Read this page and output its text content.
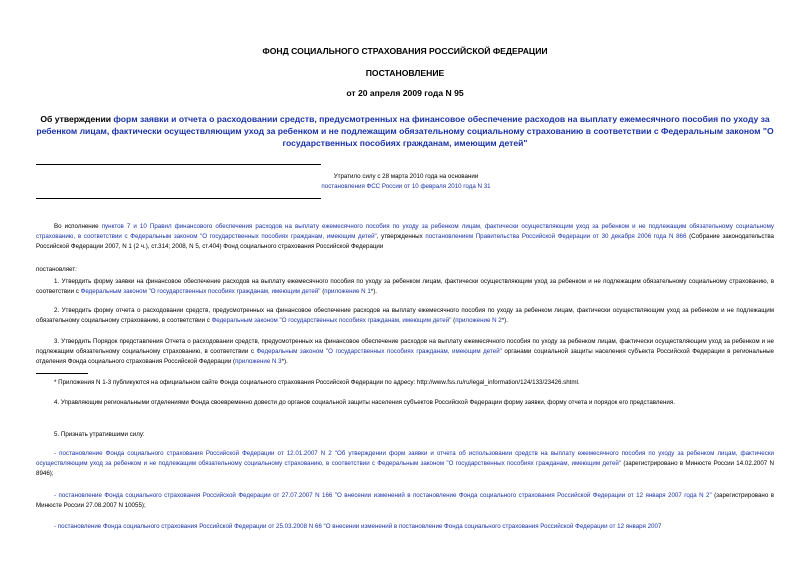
ФОНД СОЦИАЛЬНОГО СТРАХОВАНИЯ РОССИЙСКОЙ ФЕДЕРАЦИИ
ПОСТАНОВЛЕНИЕ
от 20 апреля 2009 года N 95
Об утверждении форм заявки и отчета о расходовании средств, предусмотренных на финансовое обеспечение расходов на выплату ежемесячного пособия по уходу за ребенком лицам, фактически осуществляющим уход за ребенком и не подлежащим обязательному социальному страхованию в соответствии с Федеральным законом "О государственных пособиях гражданам, имеющим детей"
Утратило силу с 28 марта 2010 года на основании
постановления ФСС России от 10 февраля 2010 года N 31
Во исполнение пунктов 7 и 10 Правил финансового обеспечения расходов на выплату ежемесячного пособия по уходу за ребенком лицам, фактически осуществляющим уход за ребенком и не подлежащим обязательному социальному страхованию, в соответствии с Федеральным законом "О государственных пособиях гражданам, имеющим детей", утвержденных постановлением Правительства Российской Федерации от 30 декабря 2006 года N 866 (Собрание законодательства Российской Федерации 2007, N 1 (2 ч.), ст.314; 2008, N 5, ст.404) Фонд социального страхования Российской Федерации
постановляет:
1. Утвердить форму заявки на финансовое обеспечение расходов на выплату ежемесячного пособия по уходу за ребенком лицам, фактически осуществляющим уход за ребенком и не подлежащим обязательному социальному страхованию, в соответствии с Федеральным законом "О государственных пособиях гражданам, имеющим детей" (приложение N 1*).
2. Утвердить форму отчета о расходовании средств, предусмотренных на финансовое обеспечение расходов на выплату ежемесячного пособия по уходу за ребенком лицам, фактически осуществляющим уход за ребенком и не подлежащим обязательному социальному страхованию, в соответствии с Федеральным законом "О государственных пособиях гражданам, имеющим детей" (приложение N 2*).
3. Утвердить Порядок представления Отчета о расходовании средств, предусмотренных на финансовое обеспечение расходов на выплату ежемесячного пособия по уходу за ребенком лицам, фактически осуществляющим уход за ребенком и не подлежащим обязательному социальному страхованию, в соответствии с Федеральным законом "О государственных пособиях гражданам, имеющим детей" органами социальной защиты населения субъекта Российской Федерации в региональные отделения Фонда социального страхования Российской Федерации (приложение N 3*).
* Приложения N 1-3 публикуются на официальном сайте Фонда социального страхования Российской Федерации по адресу: http://www.fss.ru/ru/legal_information/124/133/23426.shtml.
4. Управляющим региональными отделениями Фонда своевременно довести до органов социальной защиты населения субъектов Российской Федерации форму заявки, форму отчета и порядок его представления.
5. Признать утратившими силу:
- постановление Фонда социального страхования Российской Федерации от 12.01.2007 N 2 "Об утверждении форм заявки и отчета об использовании средств на выплату ежемесячного пособия по уходу за ребенком лицам, фактически осуществляющим уход за ребенком и не подлежащим обязательному социальному страхованию, в соответствии с Федеральным законом "О государственных пособиях гражданам, имеющим детей" (зарегистрировано в Минюсте России 14.02.2007 N 8946);
- постановление Фонда социального страхования Российской Федерации от 27.07.2007 N 166 "О внесении изменений в постановление Фонда социального страхования Российской Федерации от 12 января 2007 года N 2" (зарегистрировано в Минюсте России 27.08.2007 N 10055);
- постановление Фонда социального страхования Российской Федерации от 25.03.2008 N 66 "О внесении изменений в постановление Фонда социального страхования Российской Федерации от 12 января 2007
